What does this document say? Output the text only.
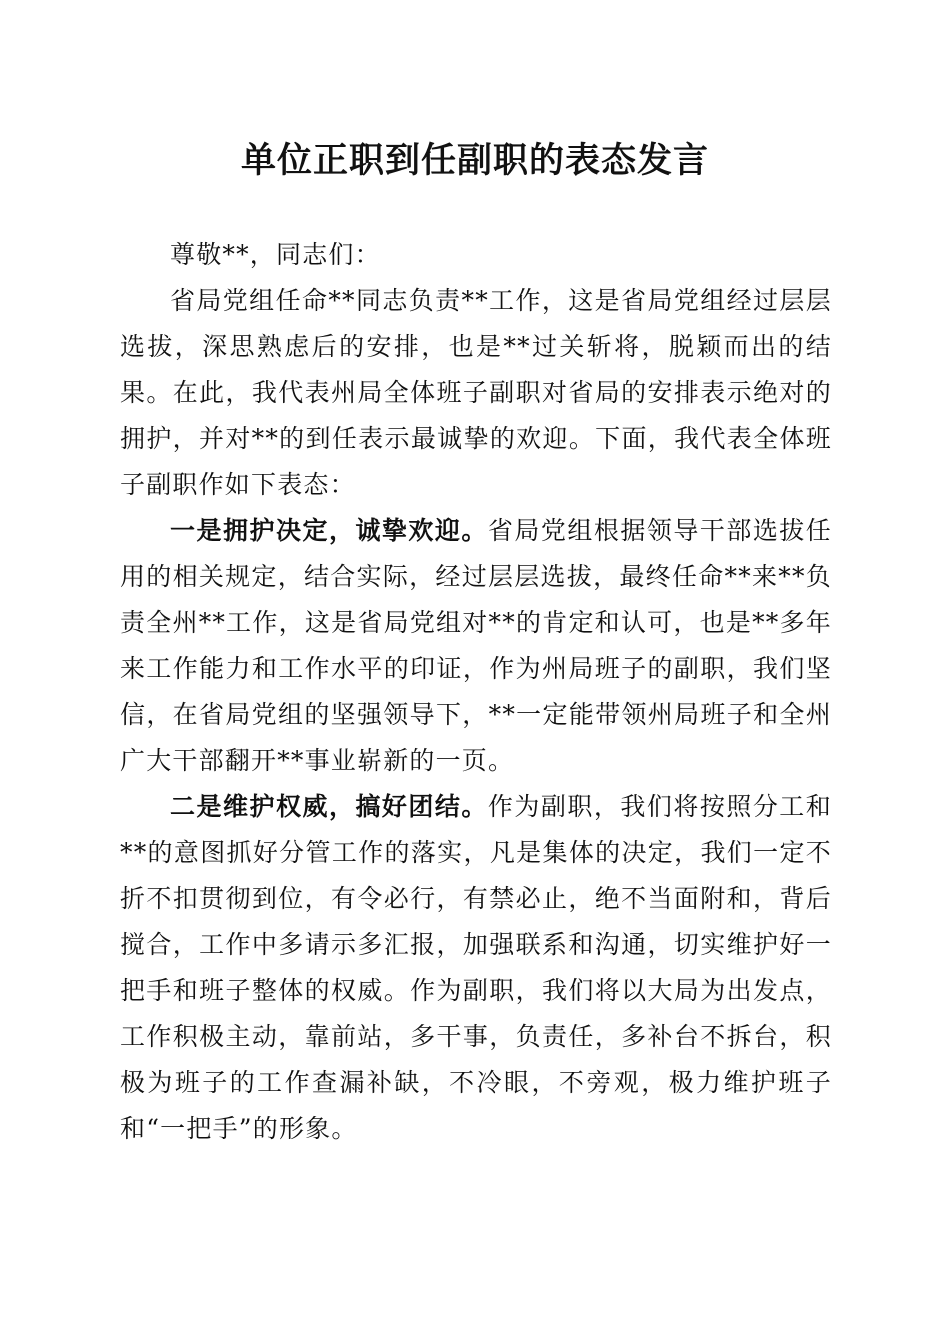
单位正职到任副职的表态发言

尊敬**，同志们：

省局党组任命**同志负责**工作，这是省局党组经过层层选拔，深思熟虑后的安排，也是**过关斩将，脱颖而出的结果。在此，我代表州局全体班子副职对省局的安排表示绝对的拥护，并对**的到任表示最诚挚的欢迎。下面，我代表全体班子副职作如下表态：

一是拥护决定，诚挚欢迎。省局党组根据领导干部选拔任用的相关规定，结合实际，经过层层选拔，最终任命**来**负责全州**工作，这是省局党组对**的肯定和认可，也是**多年来工作能力和工作水平的印证，作为州局班子的副职，我们坚信，在省局党组的坚强领导下，**一定能带领州局班子和全州广大干部翻开**事业崭新的一页。

二是维护权威，搞好团结。作为副职，我们将按照分工和**的意图抓好分管工作的落实，凡是集体的决定，我们一定不折不扣贯彻到位，有令必行，有禁必止，绝不当面附和，背后搅合，工作中多请示多汇报，加强联系和沟通，切实维护好一把手和班子整体的权威。作为副职，我们将以大局为出发点，工作积极主动，靠前站，多干事，负责任，多补台不拆台，积极为班子的工作查漏补缺，不冷眼，不旁观，极力维护班子和“一把手”的形象。
